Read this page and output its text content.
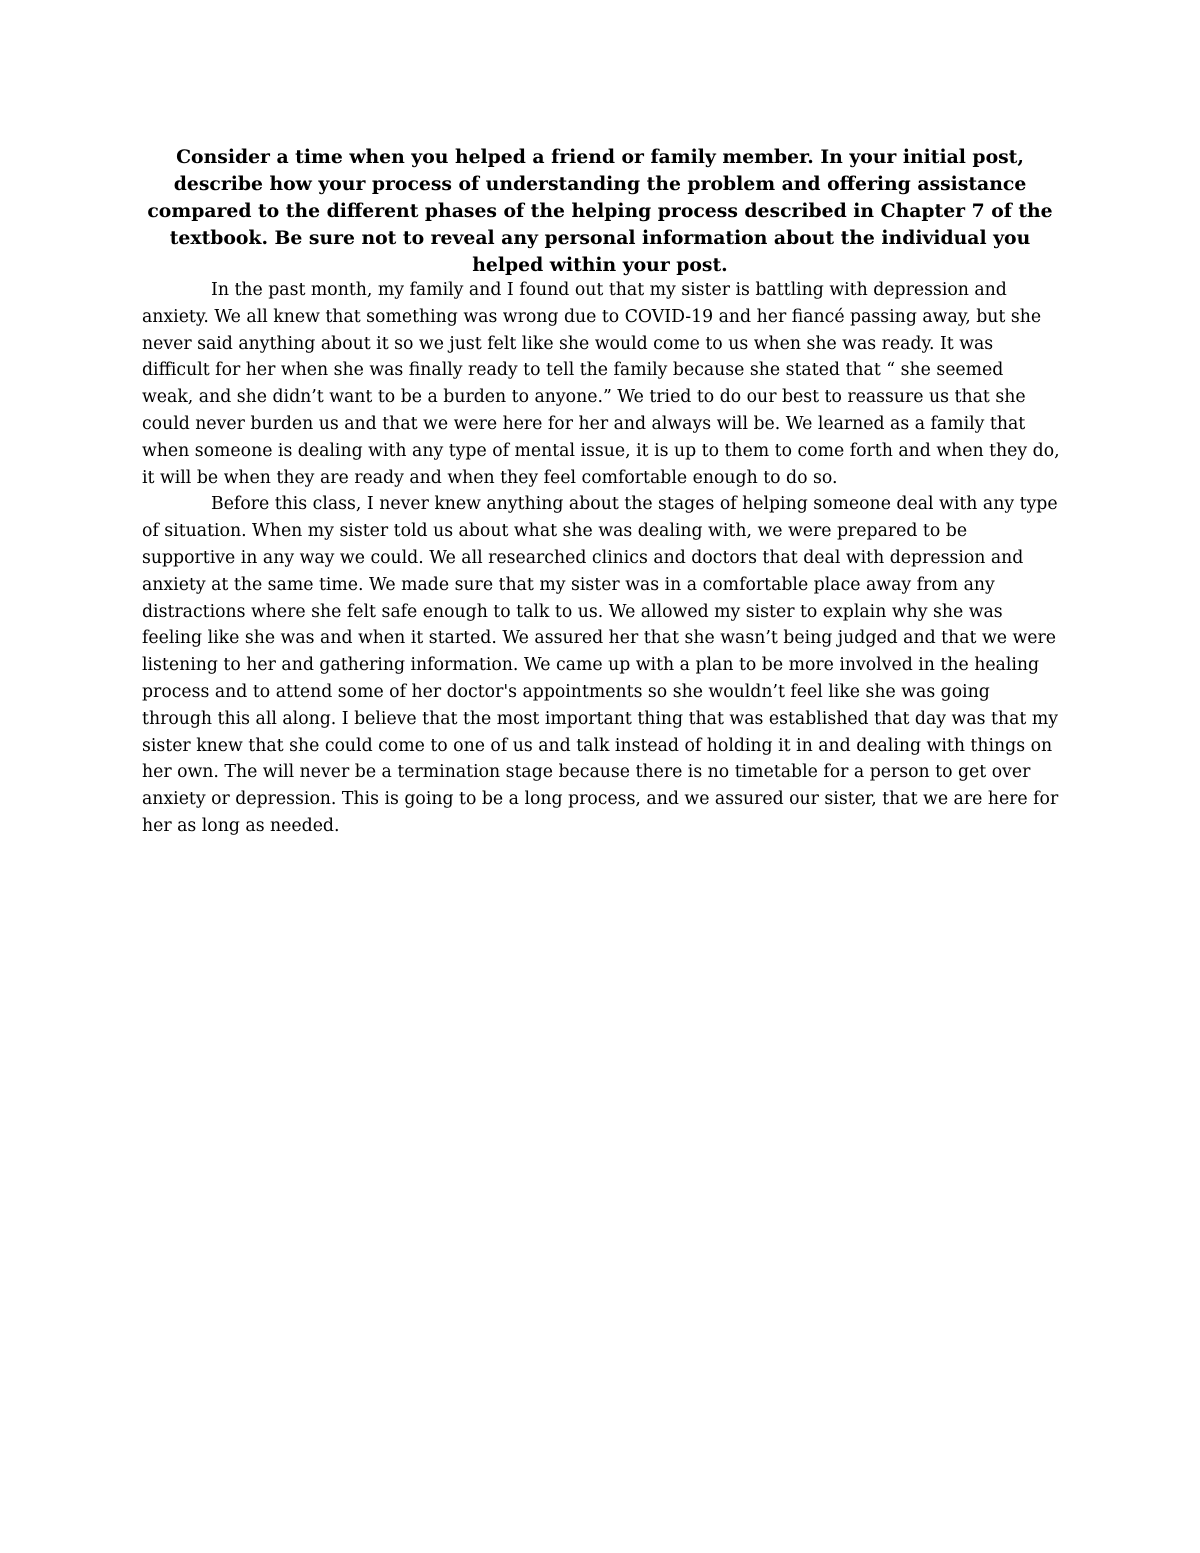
Consider a time when you helped a friend or family member. In your initial post, describe how your process of understanding the problem and offering assistance compared to the different phases of the helping process described in Chapter 7 of the textbook. Be sure not to reveal any personal information about the individual you helped within your post.

In the past month, my family and I found out that my sister is battling with depression and anxiety. We all knew that something was wrong due to COVID-19 and her fiancé passing away, but she never said anything about it so we just felt like she would come to us when she was ready. It was difficult for her when she was finally ready to tell the family because she stated that “ she seemed weak, and she didn’t want to be a burden to anyone.” We tried to do our best to reassure us that she could never burden us and that we were here for her and always will be. We learned as a family that when someone is dealing with any type of mental issue, it is up to them to come forth and when they do, it will be when they are ready and when they feel comfortable enough to do so.

Before this class, I never knew anything about the stages of helping someone deal with any type of situation. When my sister told us about what she was dealing with, we were prepared to be supportive in any way we could. We all researched clinics and doctors that deal with depression and anxiety at the same time. We made sure that my sister was in a comfortable place away from any distractions where she felt safe enough to talk to us. We allowed my sister to explain why she was feeling like she was and when it started. We assured her that she wasn’t being judged and that we were listening to her and gathering information. We came up with a plan to be more involved in the healing process and to attend some of her doctor's appointments so she wouldn’t feel like she was going through this all along. I believe that the most important thing that was established that day was that my sister knew that she could come to one of us and talk instead of holding it in and dealing with things on her own. The will never be a termination stage because there is no timetable for a person to get over anxiety or depression. This is going to be a long process, and we assured our sister, that we are here for her as long as needed.
